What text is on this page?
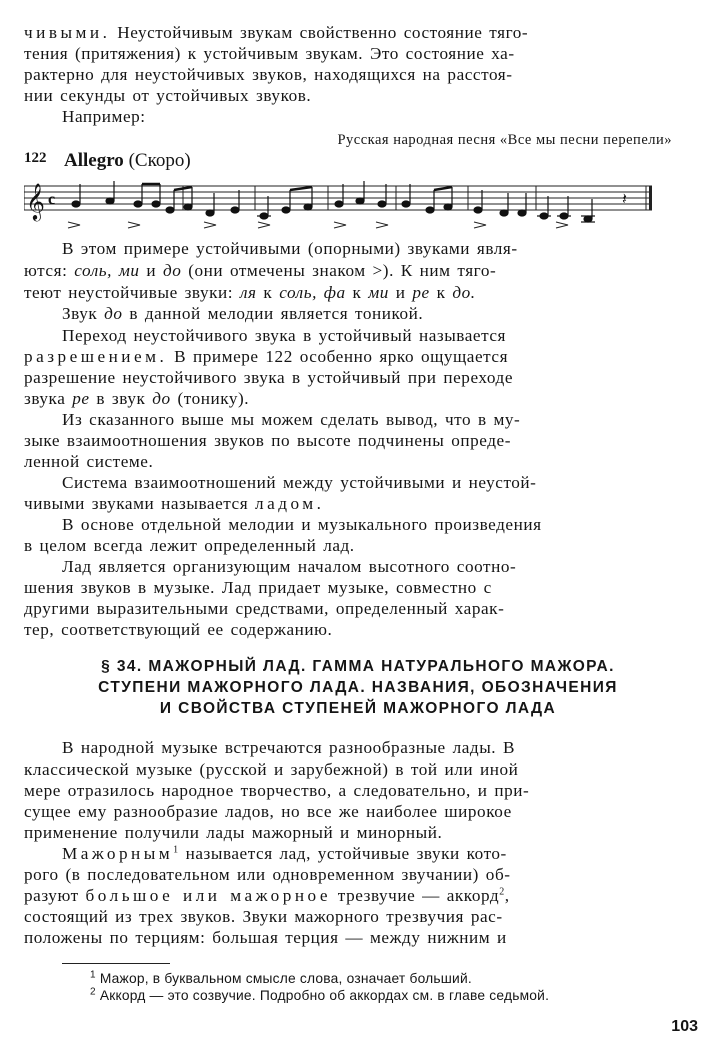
чивыми. Неустойчивым звукам свойственно состояние тяго-
тения (притяжения) к устойчивым звукам. Это состояние ха-
рактерно для неустойчивых звуков, находящихся на расстоя-
нии секунды от устойчивых звуков.
Например:
Русская народная песня «Все мы песни перепели»
122 Allegro (Скоро)
𝄞 c	𝄽
В этом примере устойчивыми (опорными) звуками явля-
ются: соль, ми и до (они отмечены знаком >). К ним тяго-
теют неустойчивые звуки: ля к соль, фа к ми и ре к до.
Звук до в данной мелодии является тоникой.
Переход неустойчивого звука в устойчивый называется
разрешением. В примере 122 особенно ярко ощущается
разрешение неустойчивого звука в устойчивый при переходе
звука ре в звук до (тонику).
Из сказанного выше мы можем сделать вывод, что в му-
зыке взаимоотношения звуков по высоте подчинены опреде-
ленной системе.
Система взаимоотношений между устойчивыми и неустой-
чивыми звуками называется ладом.
В основе отдельной мелодии и музыкального произведения
в целом всегда лежит определенный лад.
Лад является организующим началом высотного соотно-
шения звуков в музыке. Лад придает музыке, совместно с
другими выразительными средствами, определенный харак-
тер, соответствующий ее содержанию.
§ 34. МАЖОРНЫЙ ЛАД. ГАММА НАТУРАЛЬНОГО МАЖОРА.
СТУПЕНИ МАЖОРНОГО ЛАДА. НАЗВАНИЯ, ОБОЗНАЧЕНИЯ
И СВОЙСТВА СТУПЕНЕЙ МАЖОРНОГО ЛАДА
В народной музыке встречаются разнообразные лады. В
классической музыке (русской и зарубежной) в той или иной
мере отразилось народное творчество, а следовательно, и при-
сущее ему разнообразие ладов, но все же наиболее широкое
применение получили лады мажорный и минорный.
Мажорным$^1$ называется лад, устойчивые звуки кото-
рого (в последовательном или одновременном звучании) об-
разуют большое или мажорное трезвучие — аккорд$^2$,
состоящий из трех звуков. Звуки мажорного трезвучия рас-
положены по терциям: большая терция — между нижним и
$^1$ Мажор, в буквальном смысле слова, означает больший.
$^2$ Аккорд — это созвучие. Подробно об аккордах см. в главе седьмой.
103
